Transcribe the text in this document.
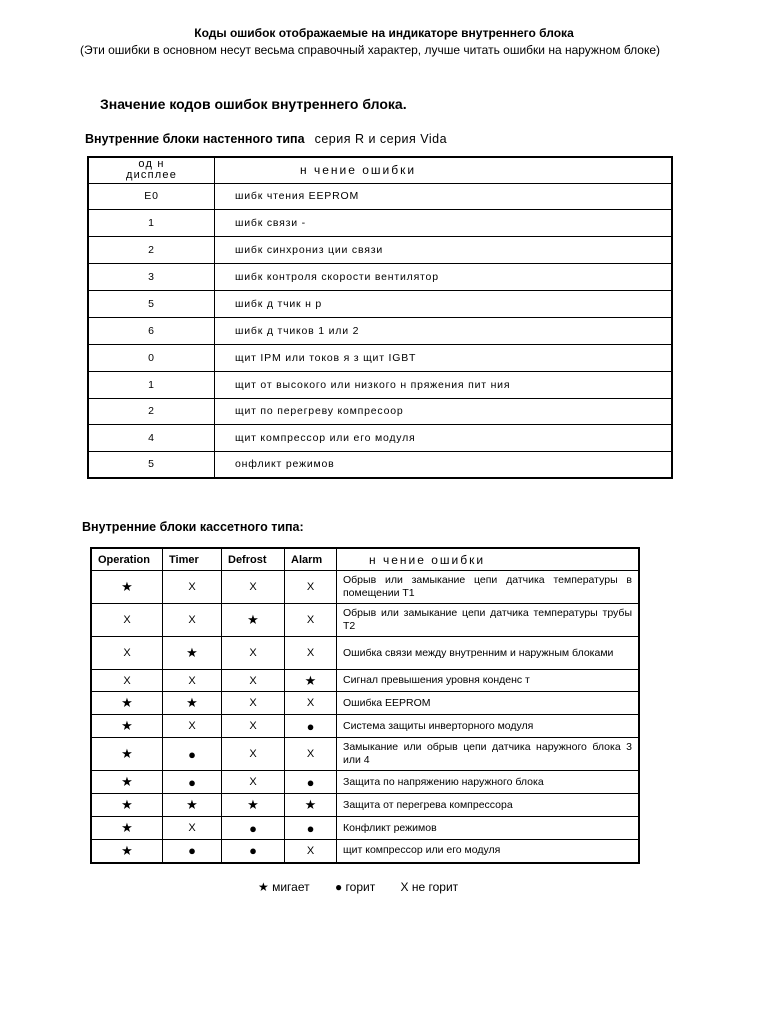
Коды ошибок отображаемые на индикаторе внутреннего блока
(Эти ошибки в основном несут весьма справочный характер, лучше читать ошибки на наружном блоке)
Значение кодов ошибок внутреннего блока.
Внутренние блоки настенного типа серия R и серия Vida
од н
дисплее	н чение ошибки
E0	шибк чтения EEPROM
1	шибк связи -
2	шибк синхрониз ции связи
3	шибк контроля скорости вентилятор
5	шибк д тчик н р
6	шибк д тчиков 1 или 2
0	щит IPM или токов я з щит IGBT
1	щит от высокого или низкого н пряжения пит ния
2	щит по перегреву компресоор
4	щит компрессор или его модуля
5	онфликт режимов
Внутренние блоки кассетного типа:
Operation	Timer	Defrost	Alarm	н чение ошибки
★	X	X	X	Обрыв или замыкание цепи датчика температуры в помещении T1
X	X	★	X	Обрыв или замыкание цепи датчика температуры трубы T2
X	★	X	X	Ошибка связи между внутренним и наружным блоками
X	X	X	★	Сигнал превышения уровня конденс т
★	★	X	X	Ошибка EEPROM
★	X	X	●	Система защиты инверторного модуля
★	●	X	X	Замыкание или обрыв цепи датчика наружного блока 3 или 4
★	●	X	●	Защита по напряжению наружного блока
★	★	★	★	Защита от перегрева компрессора
★	X	●	●	Конфликт режимов
★	●	●	X	щит компрессор или его модуля
★ мигает ● горит X не горит
